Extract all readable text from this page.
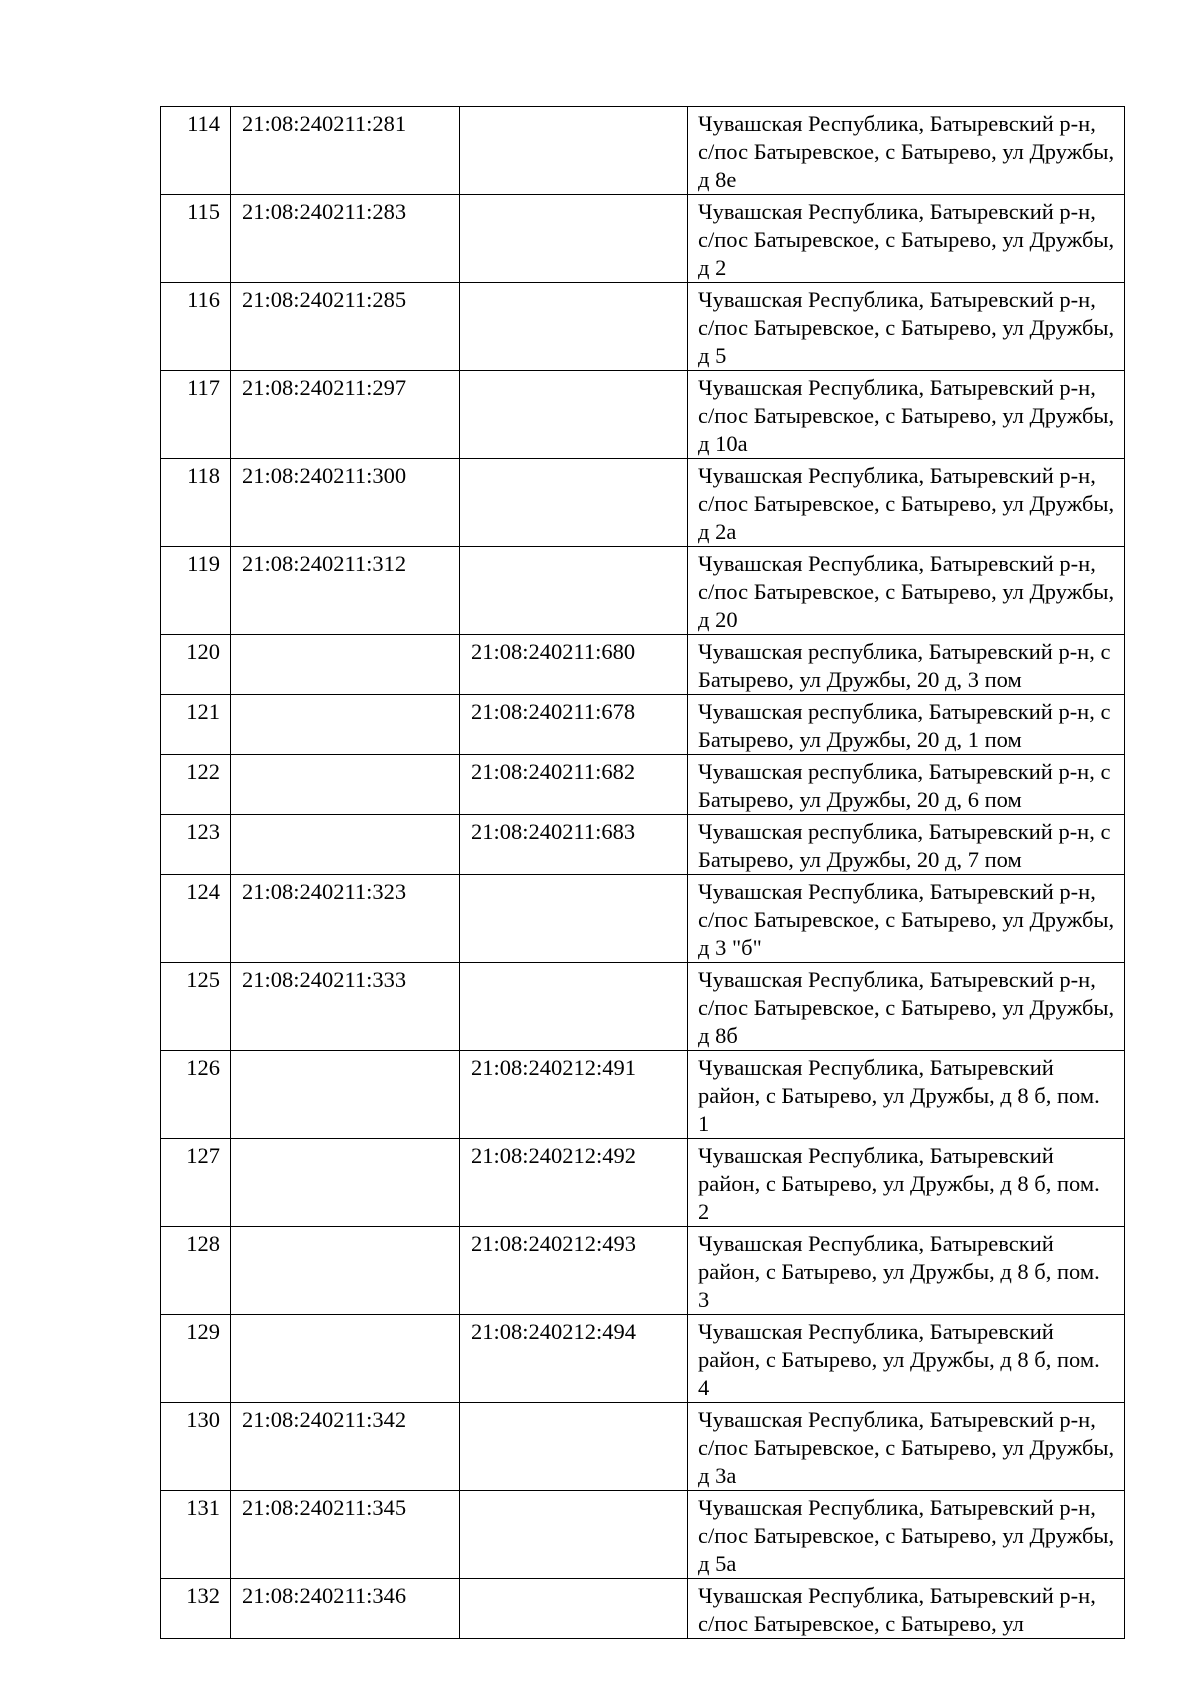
114	21:08:240211:281		Чувашская Республика, Батыревский р-н, с/пос Батыревское, с Батырево, ул Дружбы, д 8е
115	21:08:240211:283		Чувашская Республика, Батыревский р-н, с/пос Батыревское, с Батырево, ул Дружбы, д 2
116	21:08:240211:285		Чувашская Республика, Батыревский р-н, с/пос Батыревское, с Батырево, ул Дружбы, д 5
117	21:08:240211:297		Чувашская Республика, Батыревский р-н, с/пос Батыревское, с Батырево, ул Дружбы, д 10а
118	21:08:240211:300		Чувашская Республика, Батыревский р-н, с/пос Батыревское, с Батырево, ул Дружбы, д 2а
119	21:08:240211:312		Чувашская Республика, Батыревский р-н, с/пос Батыревское, с Батырево, ул Дружбы, д 20
120		21:08:240211:680	Чувашская республика, Батыревский р-н, с Батырево, ул Дружбы, 20 д, 3 пом
121		21:08:240211:678	Чувашская республика, Батыревский р-н, с Батырево, ул Дружбы, 20 д, 1 пом
122		21:08:240211:682	Чувашская республика, Батыревский р-н, с Батырево, ул Дружбы, 20 д, 6 пом
123		21:08:240211:683	Чувашская республика, Батыревский р-н, с Батырево, ул Дружбы, 20 д, 7 пом
124	21:08:240211:323		Чувашская Республика, Батыревский р-н, с/пос Батыревское, с Батырево, ул Дружбы, д 3 "б"
125	21:08:240211:333		Чувашская Республика, Батыревский р-н, с/пос Батыревское, с Батырево, ул Дружбы, д 8б
126		21:08:240212:491	Чувашская Республика, Батыревский район, с Батырево, ул Дружбы, д 8 б, пом. 1
127		21:08:240212:492	Чувашская Республика, Батыревский район, с Батырево, ул Дружбы, д 8 б, пом. 2
128		21:08:240212:493	Чувашская Республика, Батыревский район, с Батырево, ул Дружбы, д 8 б, пом. 3
129		21:08:240212:494	Чувашская Республика, Батыревский район, с Батырево, ул Дружбы, д 8 б, пом. 4
130	21:08:240211:342		Чувашская Республика, Батыревский р-н, с/пос Батыревское, с Батырево, ул Дружбы, д 3а
131	21:08:240211:345		Чувашская Республика, Батыревский р-н, с/пос Батыревское, с Батырево, ул Дружбы, д 5а
132	21:08:240211:346		Чувашская Республика, Батыревский р-н, с/пос Батыревское, с Батырево, ул
